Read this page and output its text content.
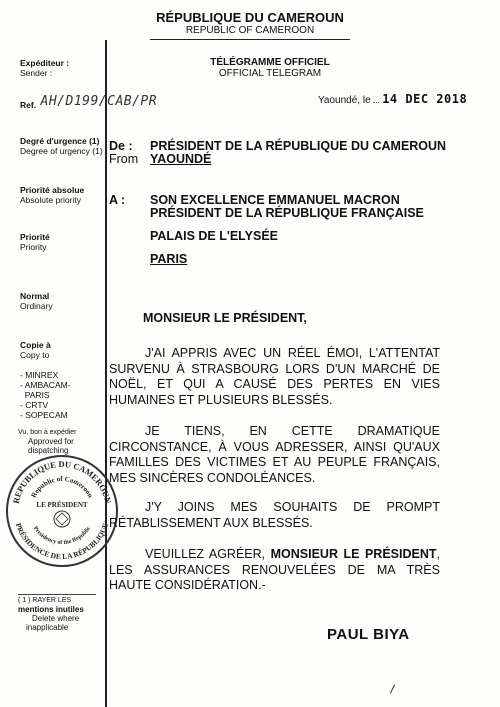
RÉPUBLIQUE DU CAMEROUN
REPUBLIC OF CAMEROON
TÉLÉGRAMME OFFICIEL
OFFICIAL TELEGRAM
Expéditeur :
Sender :
Ref. AH/D199/CAB/PR
Degré d'urgence (1)
Degree of urgency (1)
Priorité absolue
Absolute priority
Priorité
Priority
Normal
Ordinary
Copie à
Copy to
- MINREX
- AMBACAM-
PARIS
- CRTV
- SOPECAM
Vu, bon à expédier
Approved for
dispatching
REPUBLIQUE DU CAMEROUN
PRÉSIDENCE DE LA RÉPUBLIQUE
Republic of Cameroon
Presidency of the Republic
LE PRÉSIDENT
( 1 ) RAYER LES
mentions inutiles
Delete where
inapplicable
Yaoundé, le 14 DEC 2018
De :
From
PRÉSIDENT DE LA RÉPUBLIQUE DU CAMEROUN
YAOUNDÉ
A : SON EXCELLENCE EMMANUEL MACRON
PRÉSIDENT DE LA RÉPUBLIQUE FRANÇAISE
PALAIS DE L'ELYSÉE
PARIS
MONSIEUR LE PRÉSIDENT,
J'AI APPRIS AVEC UN RÉEL ÉMOI, L'ATTENTAT SURVENU À STRASBOURG LORS D'UN MARCHÉ DE NOËL, ET QUI A CAUSÉ DES PERTES EN VIES HUMAINES ET PLUSIEURS BLESSÉS.
JE TIENS, EN CETTE DRAMATIQUE CIRCONSTANCE, À VOUS ADRESSER, AINSI QU'AUX FAMILLES DES VICTIMES ET AU PEUPLE FRANÇAIS, MES SINCÈRES CONDOLÉANCES.
J'Y JOINS MES SOUHAITS DE PROMPT RÉTABLISSEMENT AUX BLESSÉS.
VEUILLEZ AGRÉER, MONSIEUR LE PRÉSIDENT, LES ASSURANCES RENOUVELÉES DE MA TRÈS HAUTE CONSIDÉRATION.-
PAUL BIYA
